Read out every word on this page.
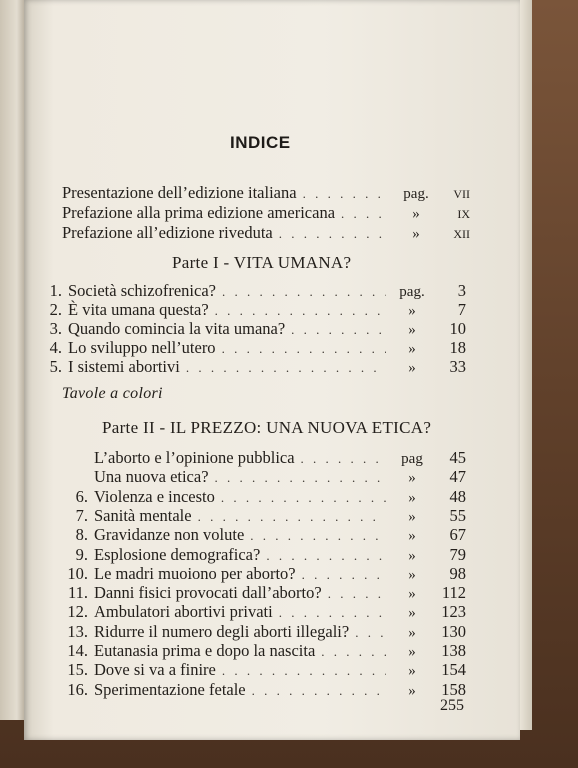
INDICE
Presentazione dell’edizione italiana . . .	pag.	VII
Prefazione alla prima edizione americana . . .	»	IX
Prefazione all’edizione riveduta . . .	»	XII
Parte I - VITA UMANA?
1. Società schizofrenica? . . .	pag.	3
2. È vita umana questa? . . .	»	7
3. Quando comincia la vita umana? . . .	»	10
4. Lo sviluppo nell’utero . . .	»	18
5. I sistemi abortivi . . .	»	33
Tavole a colori
Parte II - IL PREZZO: UNA NUOVA ETICA?
L’aborto e l’opinione pubblica . . .	pag	45
Una nuova etica? . . .	»	47
6. Violenza e incesto . . .	»	48
7. Sanità mentale . . .	»	55
8. Gravidanze non volute . . .	»	67
9. Esplosione demografica? . . .	»	79
10. Le madri muoiono per aborto? . . .	»	98
11. Danni fisici provocati dall’aborto? . . .	»	112
12. Ambulatori abortivi privati . . .	»	123
13. Ridurre il numero degli aborti illegali? . . .	»	130
14. Eutanasia prima e dopo la nascita . . .	»	138
15. Dove si va a finire . . .	»	154
16. Sperimentazione fetale . . .	»	158
255
